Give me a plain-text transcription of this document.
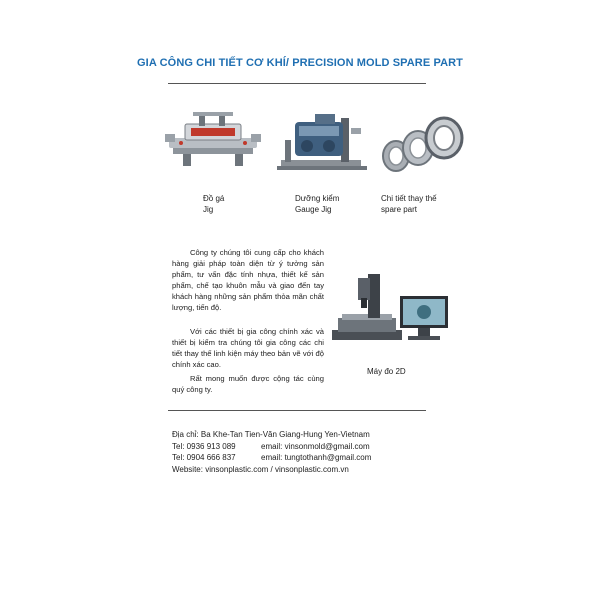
GIA CÔNG CHI TIẾT CƠ KHÍ/ PRECISION MOLD SPARE PART
Đồ gá
Jig
Dưỡng kiểm
Gauge Jig
Chi tiết thay thế
spare part
Công ty chúng tôi cung cấp cho khách hàng giải pháp toàn diện từ ý tưởng sản phẩm, tư vấn đặc tính nhựa, thiết kế sản phẩm, chế tạo khuôn mẫu và giao đến tay khách hàng những sản phẩm thỏa mãn chất lượng, tiến độ.
Với các thiết bị gia công chính xác và thiết bị kiểm tra chúng tôi gia công các chi tiết thay thế linh kiện máy theo bản vẽ với độ chính xác cao.
Rất mong muốn được cộng tác cùng quý công ty.
Máy đo 2D
Địa chỉ: Ba Khe-Tan Tien-Văn Giang-Hung Yen-Vietnam
Tel: 0936 913 089	email: vinsonmold@gmail.com
Tel: 0904 666 837	email: tungtothanh@gmail.com
Website: vinsonplastic.com / vinsonplastic.com.vn
